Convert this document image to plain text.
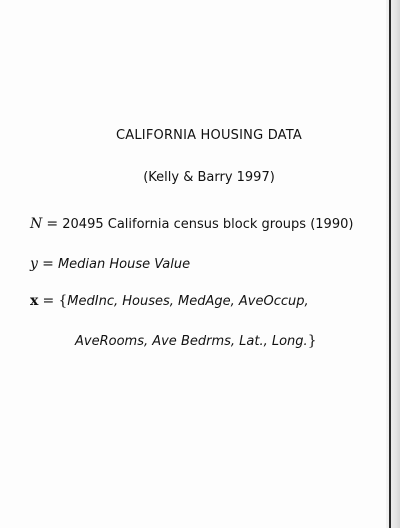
CALIFORNIA HOUSING DATA
(Kelly & Barry 1997)
N = 20495 California census block groups (1990)
y = Median House Value
x = {MedInc, Houses, MedAge, AveOccup,
AveRooms, Ave Bedrms, Lat., Long.}
